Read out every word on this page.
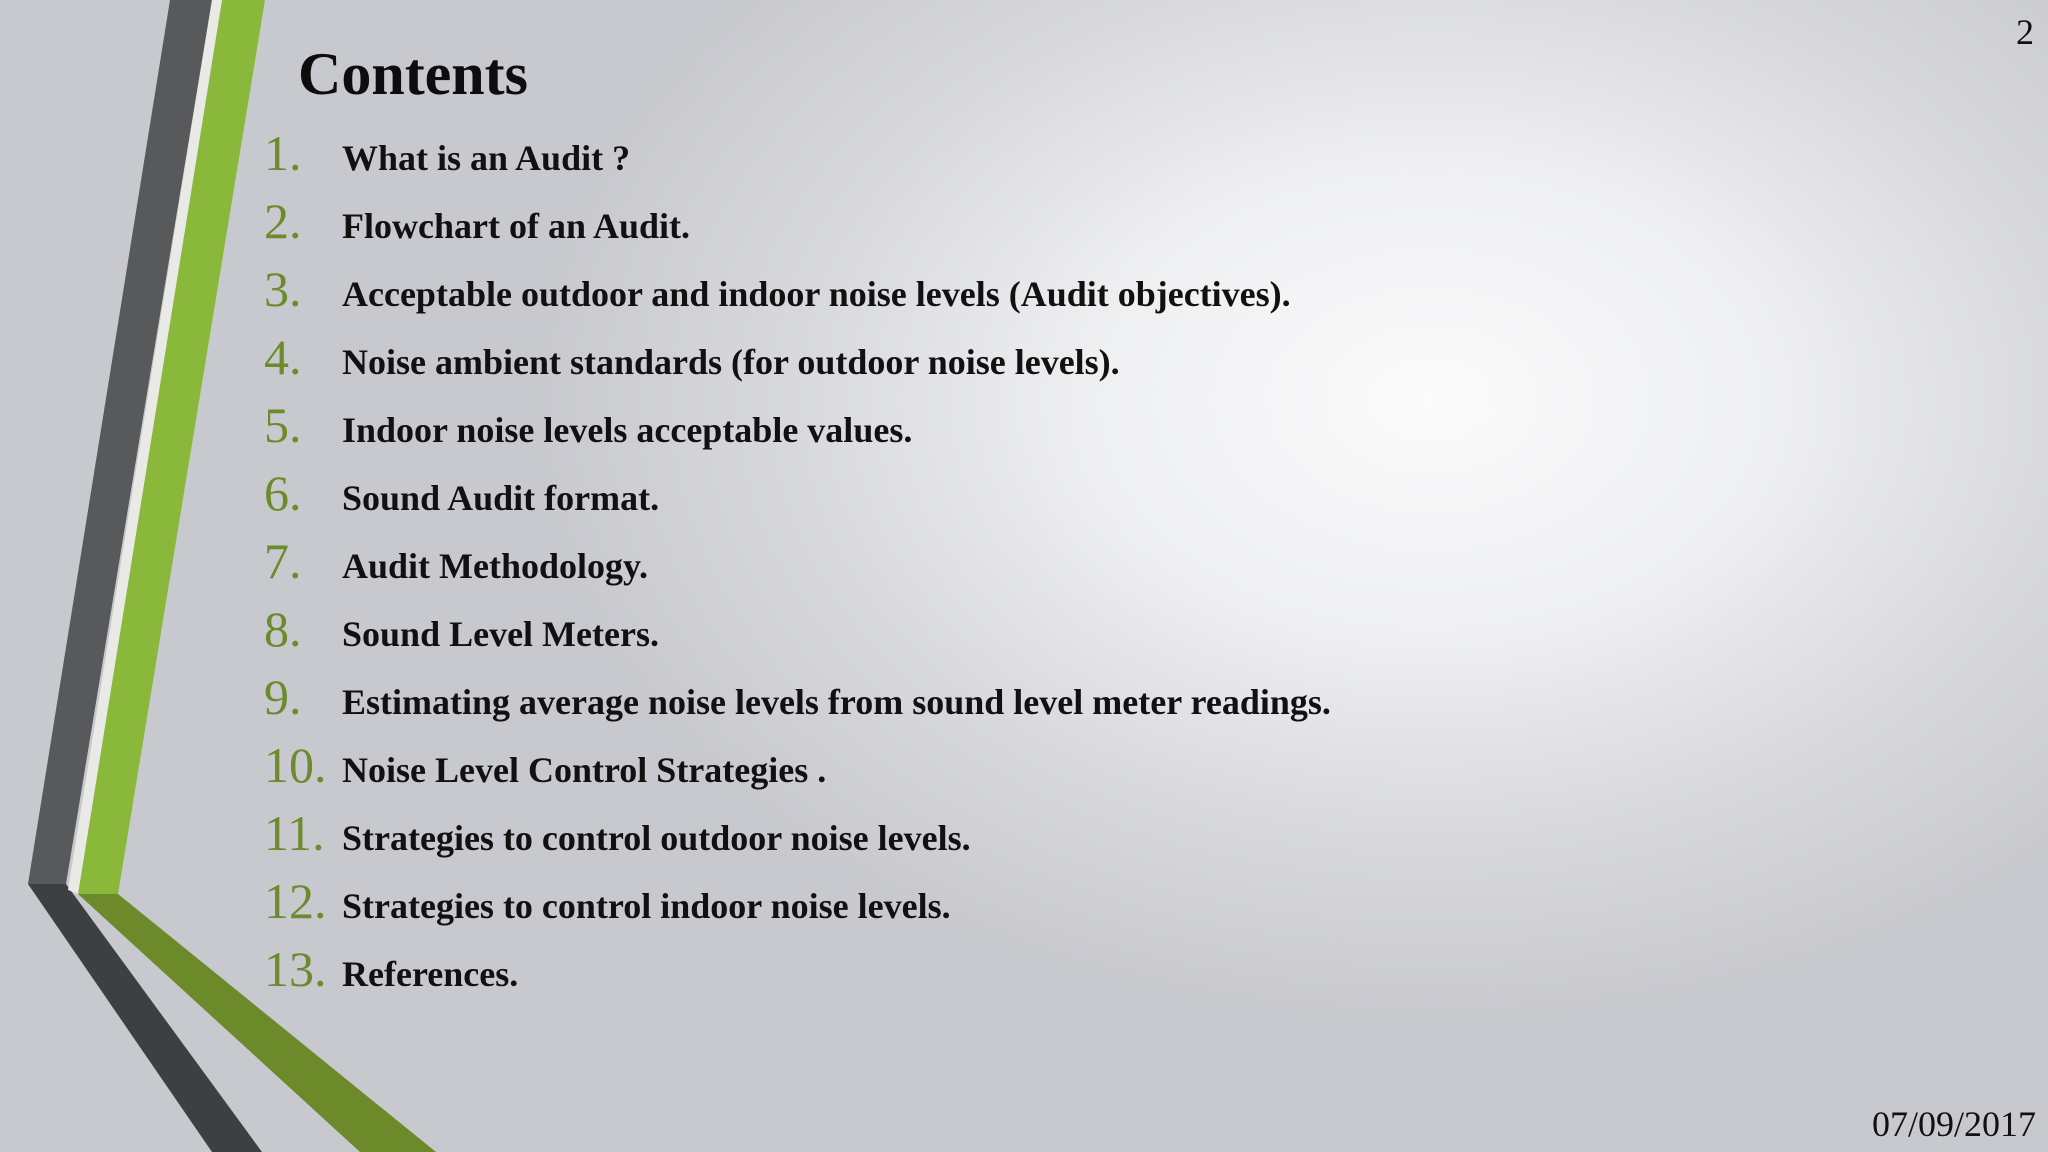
2
Contents
1. What is an Audit ?
2. Flowchart of an Audit.
3. Acceptable outdoor and indoor noise levels (Audit objectives).
4. Noise ambient standards (for outdoor noise levels).
5. Indoor noise levels acceptable values.
6. Sound Audit format.
7. Audit Methodology.
8. Sound Level Meters.
9. Estimating average noise levels from sound level meter readings.
10. Noise Level Control Strategies .
11. Strategies to control outdoor noise levels.
12. Strategies to control indoor noise levels.
13. References.
07/09/2017
